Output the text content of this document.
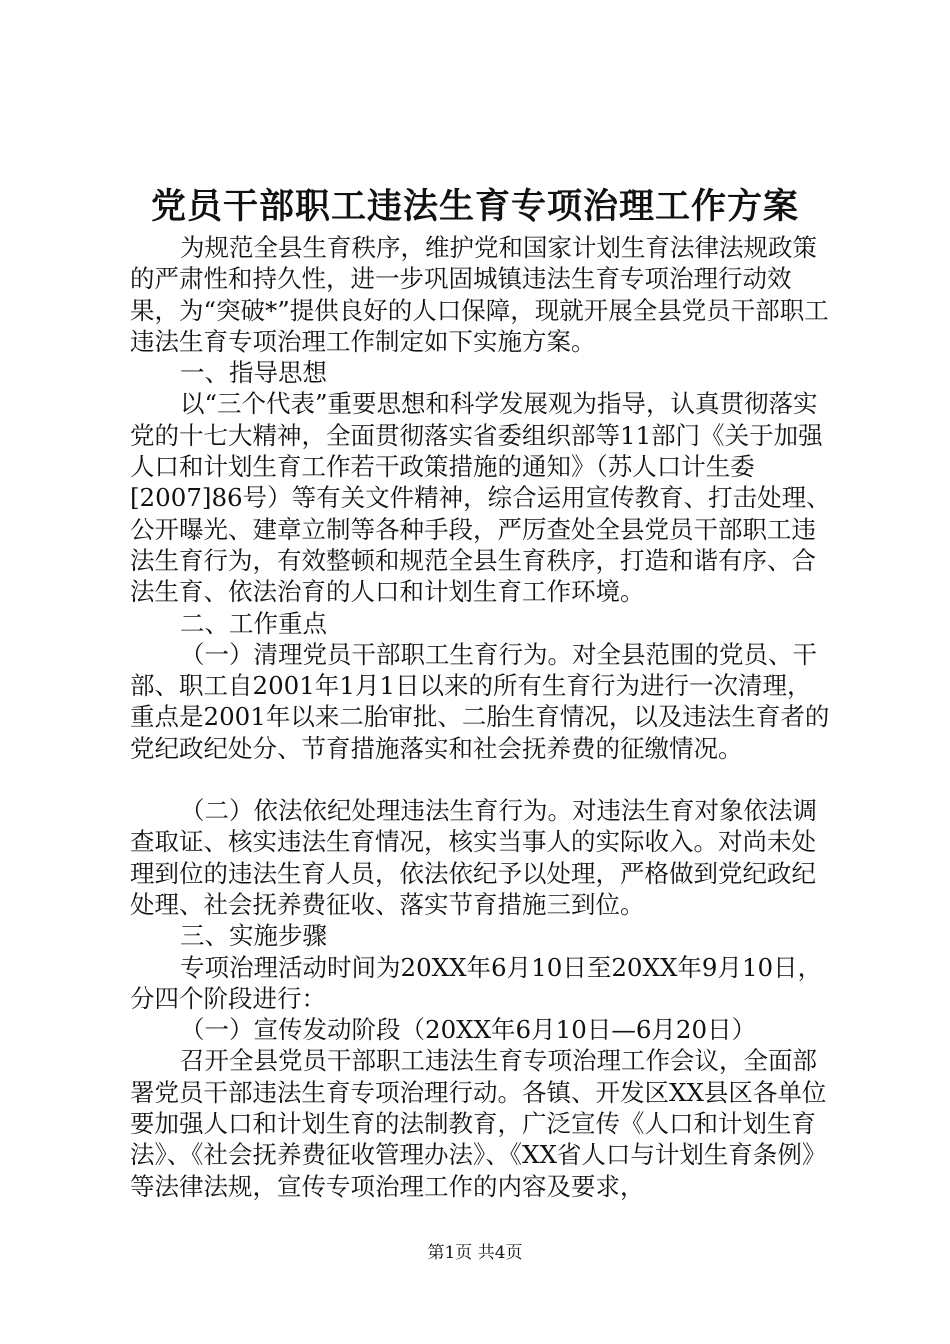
党员干部职工违法生育专项治理工作方案

为规范全县生育秩序，维护党和国家计划生育法律法规政策的严肃性和持久性，进一步巩固城镇违法生育专项治理行动效果，为“突破*”提供良好的人口保障，现就开展全县党员干部职工违法生育专项治理工作制定如下实施方案。

一、指导思想

以“三个代表”重要思想和科学发展观为指导，认真贯彻落实党的十七大精神，全面贯彻落实省委组织部等11部门《关于加强人口和计划生育工作若干政策措施的通知》（苏人口计生委[2007]86号）等有关文件精神，综合运用宣传教育、打击处理、公开曝光、建章立制等各种手段，严厉查处全县党员干部职工违法生育行为，有效整顿和规范全县生育秩序，打造和谐有序、合法生育、依法治育的人口和计划生育工作环境。

二、工作重点

（一）清理党员干部职工生育行为。对全县范围的党员、干部、职工自2001年1月1日以来的所有生育行为进行一次清理，重点是2001年以来二胎审批、二胎生育情况，以及违法生育者的党纪政纪处分、节育措施落实和社会抚养费的征缴情况。

（二）依法依纪处理违法生育行为。对违法生育对象依法调查取证、核实违法生育情况，核实当事人的实际收入。对尚未处理到位的违法生育人员，依法依纪予以处理，严格做到党纪政纪处理、社会抚养费征收、落实节育措施三到位。

三、实施步骤

专项治理活动时间为20XX年6月10日至20XX年9月10日，分四个阶段进行：

（一）宣传发动阶段（20XX年6月10日—6月20日）

召开全县党员干部职工违法生育专项治理工作会议，全面部署党员干部违法生育专项治理行动。各镇、开发区XX县区各单位要加强人口和计划生育的法制教育，广泛宣传《人口和计划生育法》、《社会抚养费征收管理办法》、《XX省人口与计划生育条例》等法律法规，宣传专项治理工作的内容及要求，

第1页 共4页
